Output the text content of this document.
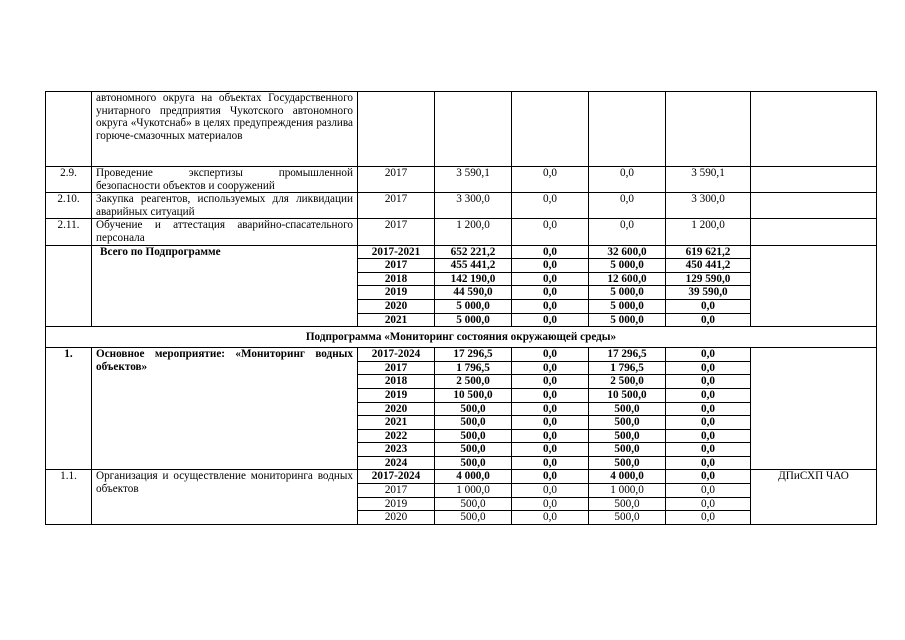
	автономного округа на объектах Государственного унитарного предприятия Чукотского автономного округа «Чукотснаб» в целях предупреждения разлива горюче-смазочных материалов						
2.9.	Проведение экспертизы промышленной безопасности объектов и сооружений	2017	3 590,1	0,0	0,0	3 590,1	
2.10.	Закупка реагентов, используемых для ликвидации аварийных ситуаций	2017	3 300,0	0,0	0,0	3 300,0	
2.11.	Обучение и аттестация аварийно-спасательного персонала	2017	1 200,0	0,0	0,0	1 200,0	
	Всего по Подпрограмме	2017-2021	652 221,2	0,0	32 600,0	619 621,2	
		2017	455 441,2	0,0	5 000,0	450 441,2	
		2018	142 190,0	0,0	12 600,0	129 590,0	
		2019	44 590,0	0,0	5 000,0	39 590,0	
		2020	5 000,0	0,0	5 000,0	0,0	
		2021	5 000,0	0,0	5 000,0	0,0	
Подпрограмма «Мониторинг состояния окружающей среды»							
1.	Основное мероприятие: «Мониторинг водных объектов»	2017-2024	17 296,5	0,0	17 296,5	0,0	
		2017	1 796,5	0,0	1 796,5	0,0	
		2018	2 500,0	0,0	2 500,0	0,0	
		2019	10 500,0	0,0	10 500,0	0,0	
		2020	500,0	0,0	500,0	0,0	
		2021	500,0	0,0	500,0	0,0	
		2022	500,0	0,0	500,0	0,0	
		2023	500,0	0,0	500,0	0,0	
		2024	500,0	0,0	500,0	0,0	
1.1.	Организация и осуществление мониторинга водных объектов	2017-2024	4 000,0	0,0	4 000,0	0,0	ДПиСХП ЧАО
		2017	1 000,0	0,0	1 000,0	0,0	
		2019	500,0	0,0	500,0	0,0	
		2020	500,0	0,0	500,0	0,0	
